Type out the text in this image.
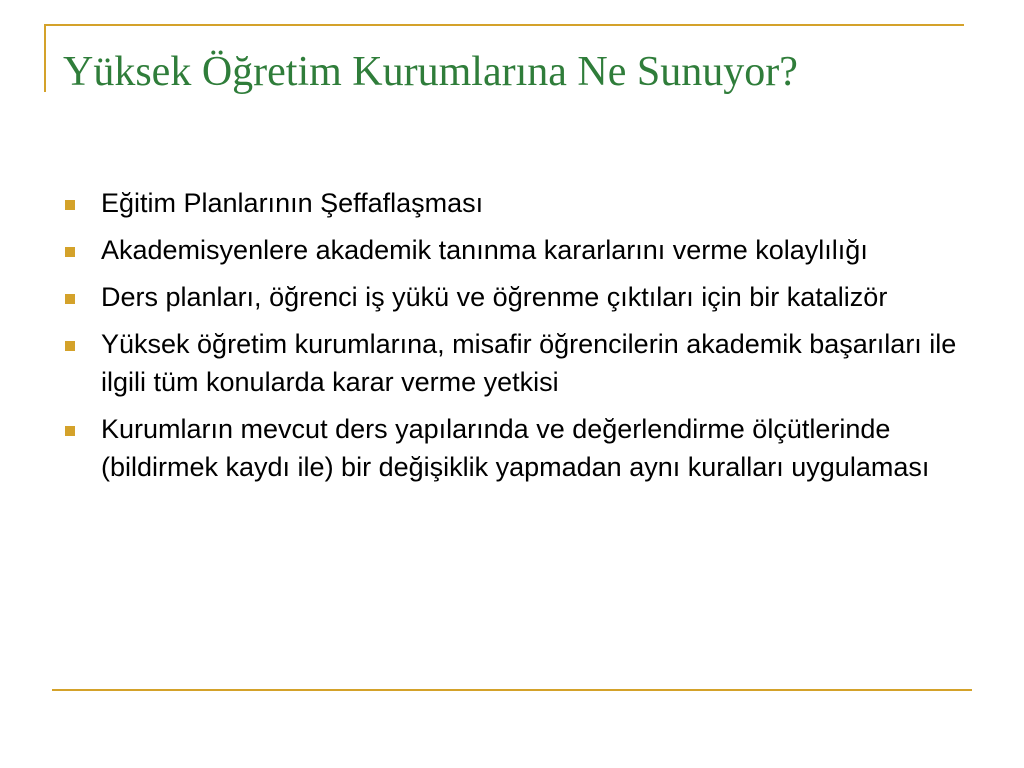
Yüksek Öğretim Kurumlarına Ne Sunuyor?
Eğitim Planlarının Şeffaflaşması
Akademisyenlere akademik tanınma kararlarını verme kolaylılığı
Ders planları, öğrenci iş yükü ve öğrenme çıktıları için bir katalizör
Yüksek öğretim kurumlarına, misafir öğrencilerin akademik başarıları ile ilgili tüm konularda karar verme yetkisi
Kurumların mevcut ders yapılarında ve değerlendirme ölçütlerinde (bildirmek kaydı ile) bir değişiklik yapmadan aynı kuralları uygulaması
